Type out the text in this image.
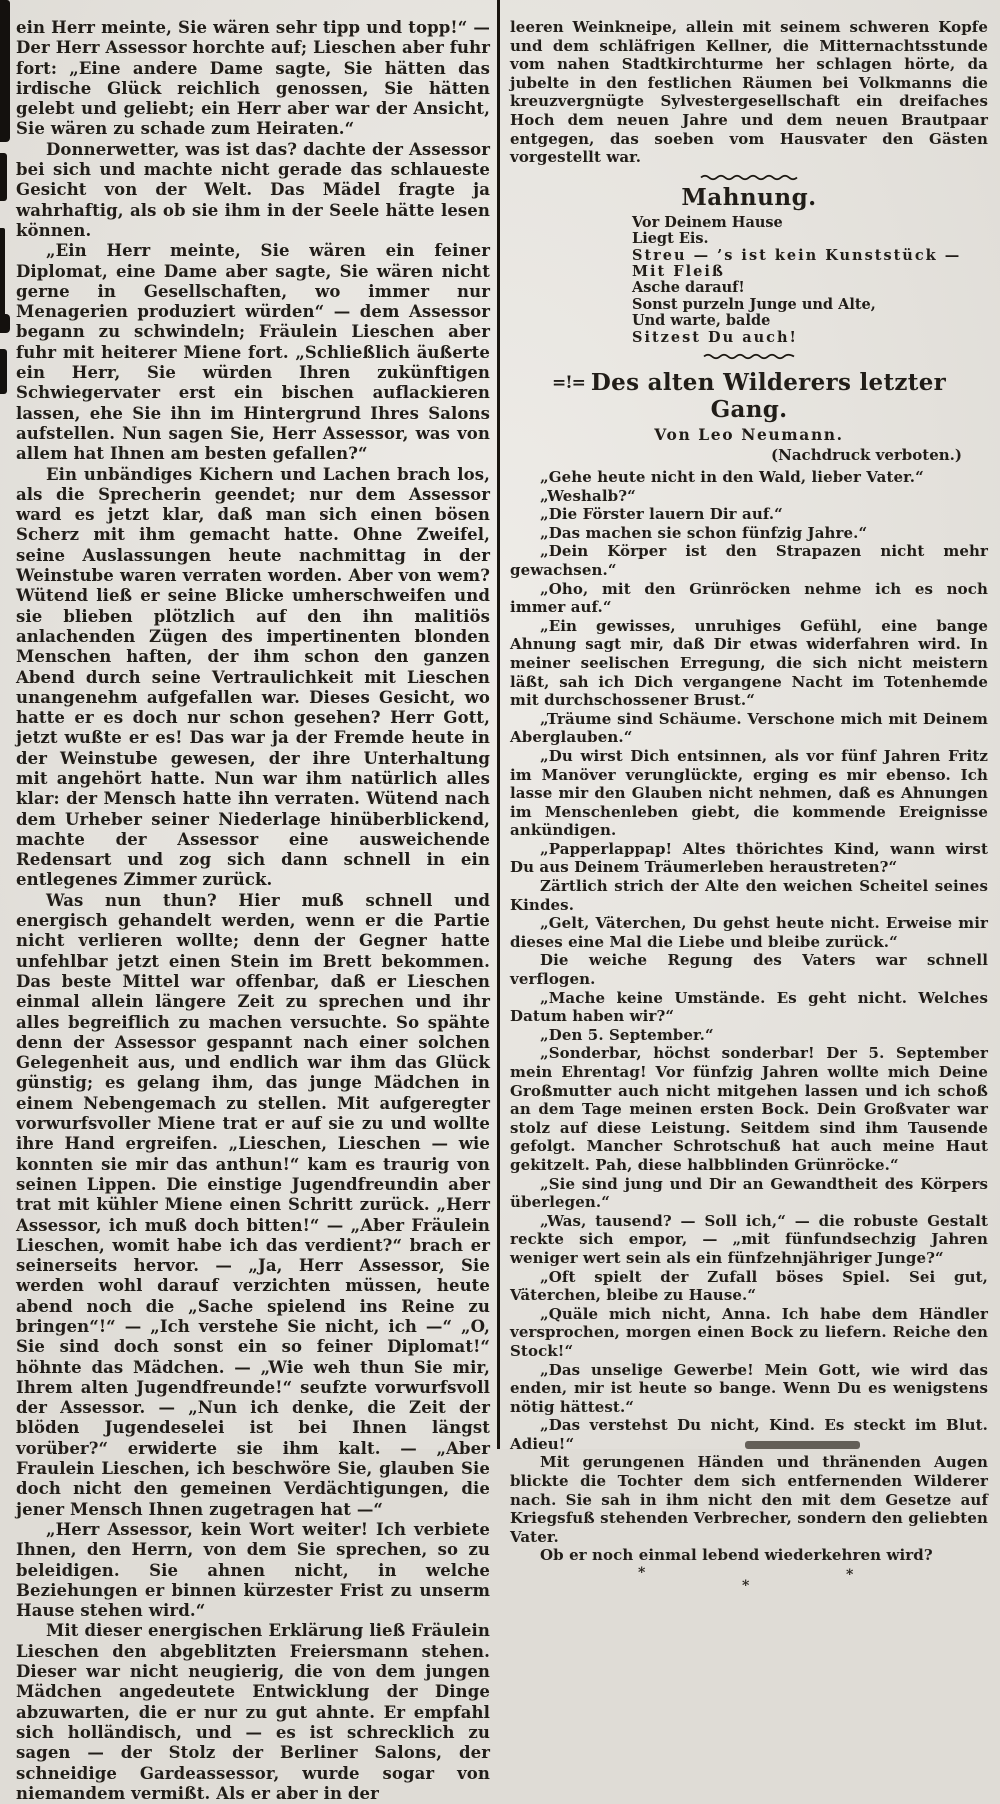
ein Herr meinte, Sie wären sehr tipp und topp!“ — Der Herr Assessor horchte auf; Lieschen aber fuhr fort: „Eine andere Dame sagte, Sie hätten das irdische Glück reichlich genossen, Sie hätten gelebt und geliebt; ein Herr aber war der Ansicht, Sie wären zu schade zum Heiraten.“

Donnerwetter, was ist das? dachte der Assessor bei sich und machte nicht gerade das schlaueste Gesicht von der Welt. Das Mädel fragte ja wahrhaftig, als ob sie ihm in der Seele hätte lesen können.

„Ein Herr meinte, Sie wären ein feiner Diplomat, eine Dame aber sagte, Sie wären nicht gerne in Gesellschaften, wo immer nur Menagerien produziert würden“ — dem Assessor begann zu schwindeln; Fräulein Lieschen aber fuhr mit heiterer Miene fort. „Schließlich äußerte ein Herr, Sie würden Ihren zukünftigen Schwiegervater erst ein bischen auflackieren lassen, ehe Sie ihn im Hintergrund Ihres Salons aufstellen. Nun sagen Sie, Herr Assessor, was von allem hat Ihnen am besten gefallen?“

Ein unbändiges Kichern und Lachen brach los, als die Sprecherin geendet; nur dem Assessor ward es jetzt klar, daß man sich einen bösen Scherz mit ihm gemacht hatte. Ohne Zweifel, seine Auslassungen heute nachmittag in der Weinstube waren verraten worden. Aber von wem? Wütend ließ er seine Blicke umherschweifen und sie blieben plötzlich auf den ihn malitiös anlachenden Zügen des impertinenten blonden Menschen haften, der ihm schon den ganzen Abend durch seine Vertraulichkeit mit Lieschen unangenehm aufgefallen war. Dieses Gesicht, wo hatte er es doch nur schon gesehen? Herr Gott, jetzt wußte er es! Das war ja der Fremde heute in der Weinstube gewesen, der ihre Unterhaltung mit angehört hatte. Nun war ihm natürlich alles klar: der Mensch hatte ihn verraten. Wütend nach dem Urheber seiner Niederlage hinüberblickend, machte der Assessor eine ausweichende Redensart und zog sich dann schnell in ein entlegenes Zimmer zurück.

Was nun thun? Hier muß schnell und energisch gehandelt werden, wenn er die Partie nicht verlieren wollte; denn der Gegner hatte unfehlbar jetzt einen Stein im Brett bekommen. Das beste Mittel war offenbar, daß er Lieschen einmal allein längere Zeit zu sprechen und ihr alles begreiflich zu machen versuchte. So spähte denn der Assessor gespannt nach einer solchen Gelegenheit aus, und endlich war ihm das Glück günstig; es gelang ihm, das junge Mädchen in einem Nebengemach zu stellen. Mit aufgeregter vorwurfsvoller Miene trat er auf sie zu und wollte ihre Hand ergreifen. „Lieschen, Lieschen — wie konnten sie mir das anthun!“ kam es traurig von seinen Lippen. Die einstige Jugendfreundin aber trat mit kühler Miene einen Schritt zurück. „Herr Assessor, ich muß doch bitten!“ — „Aber Fräulein Lieschen, womit habe ich das verdient?“ brach er seinerseits hervor. — „Ja, Herr Assessor, Sie werden wohl darauf verzichten müssen, heute abend noch die „Sache spielend ins Reine zu bringen“!“ — „Ich verstehe Sie nicht, ich —“ „O, Sie sind doch sonst ein so feiner Diplomat!“ höhnte das Mädchen. — „Wie weh thun Sie mir, Ihrem alten Jugendfreunde!“ seufzte vorwurfsvoll der Assessor. — „Nun ich denke, die Zeit der blöden Jugendeselei ist bei Ihnen längst vorüber?“ erwiderte sie ihm kalt. — „Aber Fraulein Lieschen, ich beschwöre Sie, glauben Sie doch nicht den gemeinen Verdächtigungen, die jener Mensch Ihnen zugetragen hat —“

„Herr Assessor, kein Wort weiter! Ich verbiete Ihnen, den Herrn, von dem Sie sprechen, so zu beleidigen. Sie ahnen nicht, in welche Beziehungen er binnen kürzester Frist zu unserm Hause stehen wird.“

Mit dieser energischen Erklärung ließ Fräulein Lieschen den abgeblitzten Freiersmann stehen. Dieser war nicht neugierig, die von dem jungen Mädchen angedeutete Entwicklung der Dinge abzuwarten, die er nur zu gut ahnte. Er empfahl sich holländisch, und — es ist schrecklich zu sagen — der Stolz der Berliner Salons, der schneidige Gardeassessor, wurde sogar von niemandem vermißt. Als er aber in der

leeren Weinkneipe, allein mit seinem schweren Kopfe und dem schläfrigen Kellner, die Mitternachtsstunde vom nahen Stadtkirchturme her schlagen hörte, da jubelte in den festlichen Räumen bei Volkmanns die kreuzvergnügte Sylvestergesellschaft ein dreifaches Hoch dem neuen Jahre und dem neuen Brautpaar entgegen, das soeben vom Hausvater den Gästen vorgestellt war.

Mahnung.
Vor Deinem Hause
Liegt Eis.
Streu — ’s ist kein Kunststück —
Mit Fleiß
Asche darauf!
Sonst purzeln Junge und Alte,
Und warte, balde
Sitzest Du auch!
=!= Des alten Wilderers letzter Gang.
Von Leo Neumann.
(Nachdruck verboten.)

„Gehe heute nicht in den Wald, lieber Vater.“

„Weshalb?“

„Die Förster lauern Dir auf.“

„Das machen sie schon fünfzig Jahre.“

„Dein Körper ist den Strapazen nicht mehr gewachsen.“

„Oho, mit den Grünröcken nehme ich es noch immer auf.“

„Ein gewisses, unruhiges Gefühl, eine bange Ahnung sagt mir, daß Dir etwas widerfahren wird. In meiner seelischen Erregung, die sich nicht meistern läßt, sah ich Dich vergangene Nacht im Totenhemde mit durchschossener Brust.“

„Träume sind Schäume. Verschone mich mit Deinem Aberglauben.“

„Du wirst Dich entsinnen, als vor fünf Jahren Fritz im Manöver verunglückte, erging es mir ebenso. Ich lasse mir den Glauben nicht nehmen, daß es Ahnungen im Menschenleben giebt, die kommende Ereignisse ankündigen.

„Papperlappap! Altes thörichtes Kind, wann wirst Du aus Deinem Träumerleben heraustreten?“

Zärtlich strich der Alte den weichen Scheitel seines Kindes.

„Gelt, Väterchen, Du gehst heute nicht. Erweise mir dieses eine Mal die Liebe und bleibe zurück.“

Die weiche Regung des Vaters war schnell verflogen.

„Mache keine Umstände. Es geht nicht. Welches Datum haben wir?“

„Den 5. September.“

„Sonderbar, höchst sonderbar! Der 5. September mein Ehrentag! Vor fünfzig Jahren wollte mich Deine Großmutter auch nicht mitgehen lassen und ich schoß an dem Tage meinen ersten Bock. Dein Großvater war stolz auf diese Leistung. Seitdem sind ihm Tausende gefolgt. Mancher Schrotschuß hat auch meine Haut gekitzelt. Pah, diese halbblinden Grünröcke.“

„Sie sind jung und Dir an Gewandtheit des Körpers überlegen.“

„Was, tausend? — Soll ich,“ — die robuste Gestalt reckte sich empor, — „mit fünfundsechzig Jahren weniger wert sein als ein fünfzehnjähriger Junge?“

„Oft spielt der Zufall böses Spiel. Sei gut, Väterchen, bleibe zu Hause.“

„Quäle mich nicht, Anna. Ich habe dem Händler versprochen, morgen einen Bock zu liefern. Reiche den Stock!“

„Das unselige Gewerbe! Mein Gott, wie wird das enden, mir ist heute so bange. Wenn Du es wenigstens nötig hättest.“

„Das verstehst Du nicht, Kind. Es steckt im Blut. Adieu!“

Mit gerungenen Händen und thränenden Augen blickte die Tochter dem sich entfernenden Wilderer nach. Sie sah in ihm nicht den mit dem Gesetze auf Kriegsfuß stehenden Verbrecher, sondern den geliebten Vater.

Ob er noch einmal lebend wiederkehren wird?

*	*
*
